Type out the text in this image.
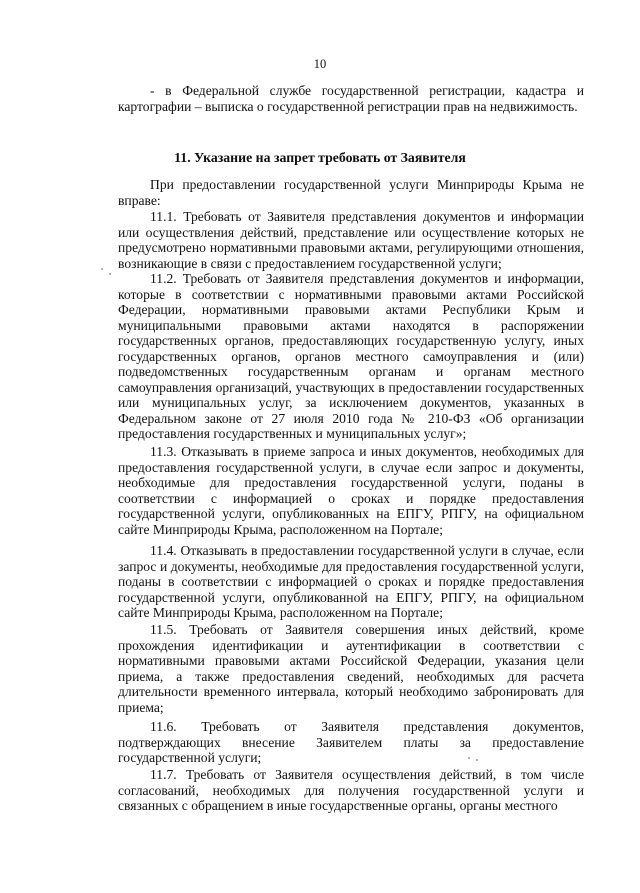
10

- в Федеральной службе государственной регистрации, кадастра и картографии – выписка о государственной регистрации прав на недвижимость.

11. Указание на запрет требовать от Заявителя

При предоставлении государственной услуги Минприроды Крыма не вправе:

11.1. Требовать от Заявителя представления документов и информации или осуществления действий, представление или осуществление которых не предусмотрено нормативными правовыми актами, регулирующими отношения, возникающие в связи с предоставлением государственной услуги;

11.2. Требовать от Заявителя представления документов и информации, которые в соответствии с нормативными правовыми актами Российской Федерации, нормативными правовыми актами Республики Крым и муниципальными правовыми актами находятся в распоряжении государственных органов, предоставляющих государственную услугу, иных государственных органов, органов местного самоуправления и (или) подведомственных государственным органам и органам местного самоуправления организаций, участвующих в предоставлении государственных или муниципальных услуг, за исключением документов, указанных в Федеральном законе от 27 июля 2010 года № 210-ФЗ «Об организации предоставления государственных и муниципальных услуг»;

11.3. Отказывать в приеме запроса и иных документов, необходимых для предоставления государственной услуги, в случае если запрос и документы, необходимые для предоставления государственной услуги, поданы в соответствии с информацией о сроках и порядке предоставления государственной услуги, опубликованных на ЕПГУ, РПГУ, на официальном сайте Минприроды Крыма, расположенном на Портале;

11.4. Отказывать в предоставлении государственной услуги в случае, если запрос и документы, необходимые для предоставления государственной услуги, поданы в соответствии с информацией о сроках и порядке предоставления государственной услуги, опубликованной на ЕПГУ, РПГУ, на официальном сайте Минприроды Крыма, расположенном на Портале;

11.5. Требовать от Заявителя совершения иных действий, кроме прохождения идентификации и аутентификации в соответствии с нормативными правовыми актами Российской Федерации, указания цели приема, а также предоставления сведений, необходимых для расчета длительности временного интервала, который необходимо забронировать для приема;

11.6. Требовать от Заявителя представления документов, подтверждающих внесение Заявителем платы за предоставление государственной услуги;

11.7. Требовать от Заявителя осуществления действий, в том числе согласований, необходимых для получения государственной услуги и связанных с обращением в иные государственные органы, органы местного
